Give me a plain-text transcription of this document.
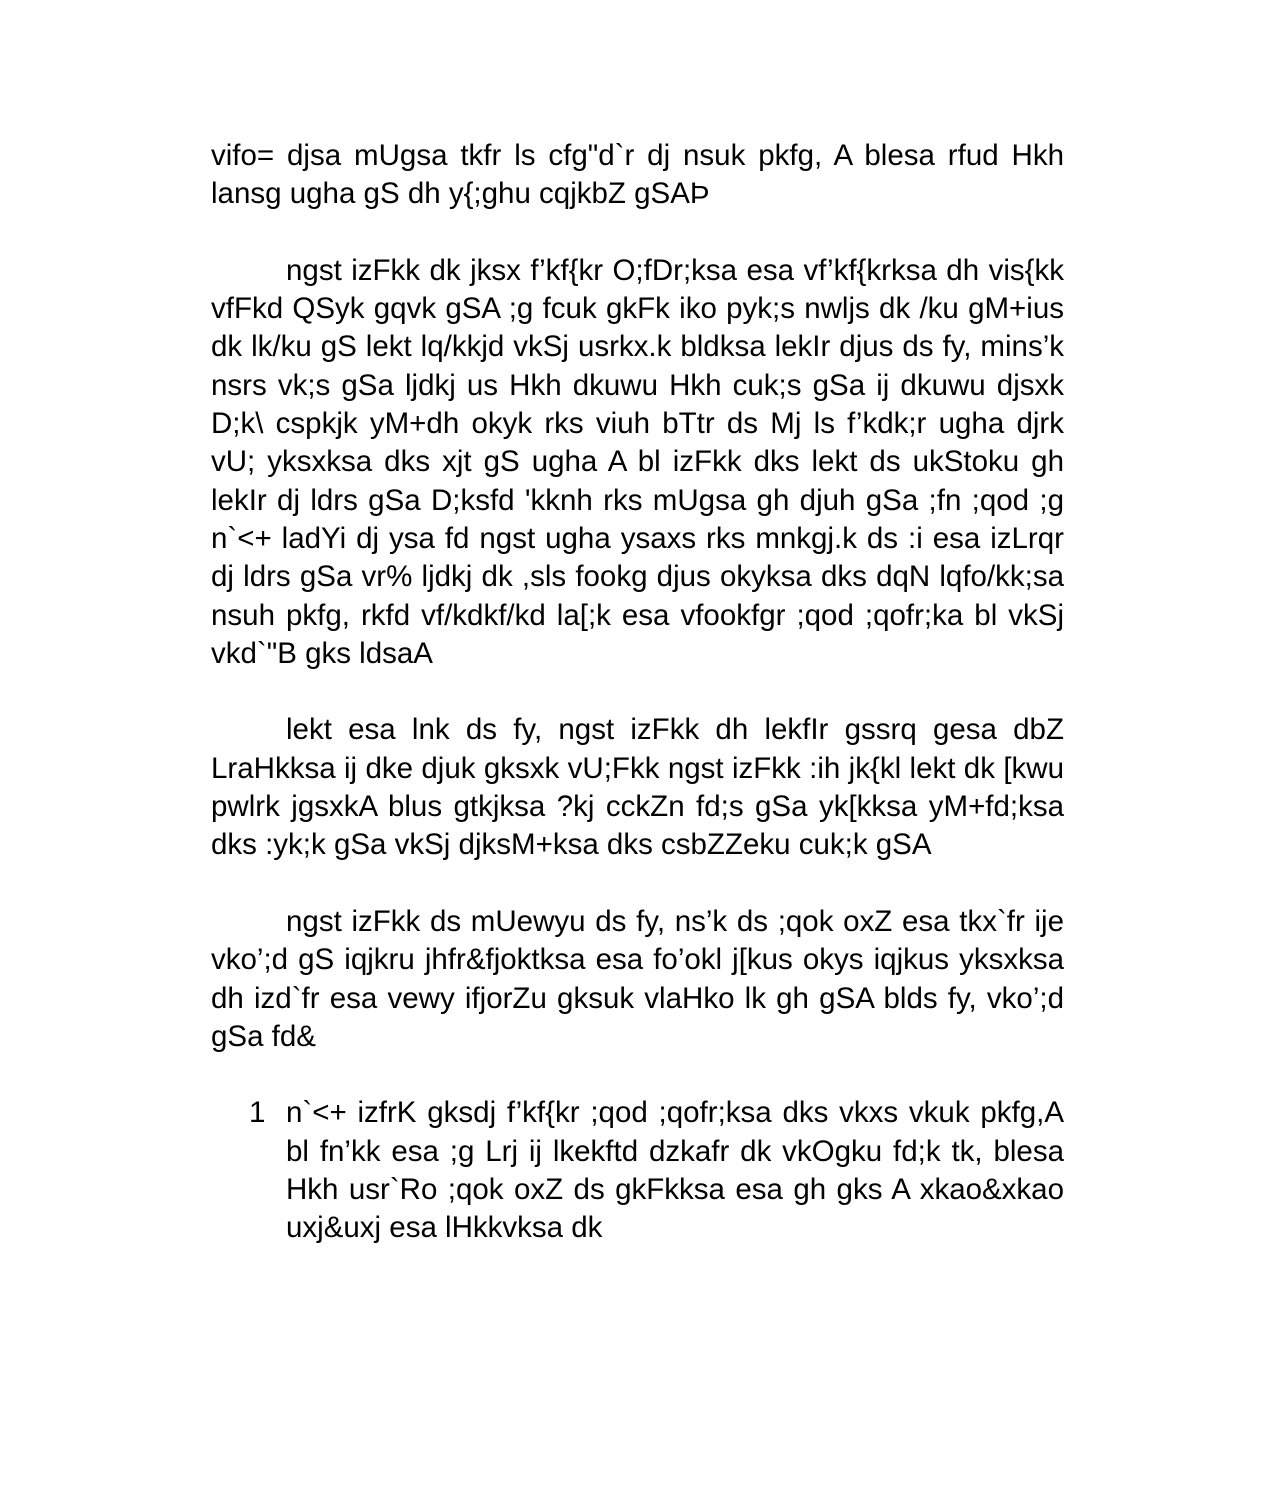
vifo= djsa mUgsa tkfr ls cfg"d`r dj nsuk pkfg, A blesa rfud Hkh lansg ugha gS dh y{;ghu cqjkbZ gSAÞ

ngst izFkk dk jksx f’kf{kr O;fDr;ksa esa vf’kf{krksa dh vis{kk vfFkd QSyk gqvk gSA ;g fcuk gkFk iko pyk;s nwljs dk /ku gM+ius dk lk/ku gS lekt lq/kkjd vkSj usrkx.k bldksa lekIr djus ds fy, mins’k nsrs vk;s gSa ljdkj us Hkh dkuwu Hkh cuk;s gSa ij dkuwu djsxk D;k\ cspkjk yM+dh okyk rks viuh bTtr ds Mj ls f’kdk;r ugha djrk vU; yksxksa dks xjt gS ugha A bl izFkk dks lekt ds ukStoku gh lekIr dj ldrs gSa D;ksfd 'kknh rks mUgsa gh djuh gSa ;fn ;qod ;g n`<+ ladYi dj ysa fd ngst ugha ysaxs rks mnkgj.k ds :i esa izLrqr dj ldrs gSa vr% ljdkj dk ,sls fookg djus okyksa dks dqN lqfo/kk;sa nsuh pkfg, rkfd vf/kdkf/kd la[;k esa vfookfgr ;qod ;qofr;ka bl vkSj vkd`"B gks ldsaA

lekt esa lnk ds fy, ngst izFkk dh lekfIr gssrq gesa dbZ LraHkksa ij dke djuk gksxk vU;Fkk ngst izFkk :ih jk{kl lekt dk [kwu pwlrk jgsxkA blus gtkjksa ?kj cckZn fd;s gSa yk[kksa yM+fd;ksa dks :yk;k gSa vkSj djksM+ksa dks csbZZeku cuk;k gSA

ngst izFkk ds mUewyu ds fy, ns’k ds ;qok oxZ esa tkx`fr ije vko’;d gS iqjkru jhfr&fjoktksa esa fo’okl j[kus okys iqjkus yksxksa dh izd`fr esa vewy ifjorZu gksuk vlaHko lk gh gSA blds fy, vko’;d gSa fd&

1 n`<+ izfrK gksdj f’kf{kr ;qod ;qofr;ksa dks vkxs vkuk pkfg,A bl fn’kk esa ;g Lrj ij lkekftd dzkafr dk vkOgku fd;k tk, blesa Hkh usr`Ro ;qok oxZ ds gkFkksa esa gh gks A xkao&xkao uxj&uxj esa lHkkvksa dk
